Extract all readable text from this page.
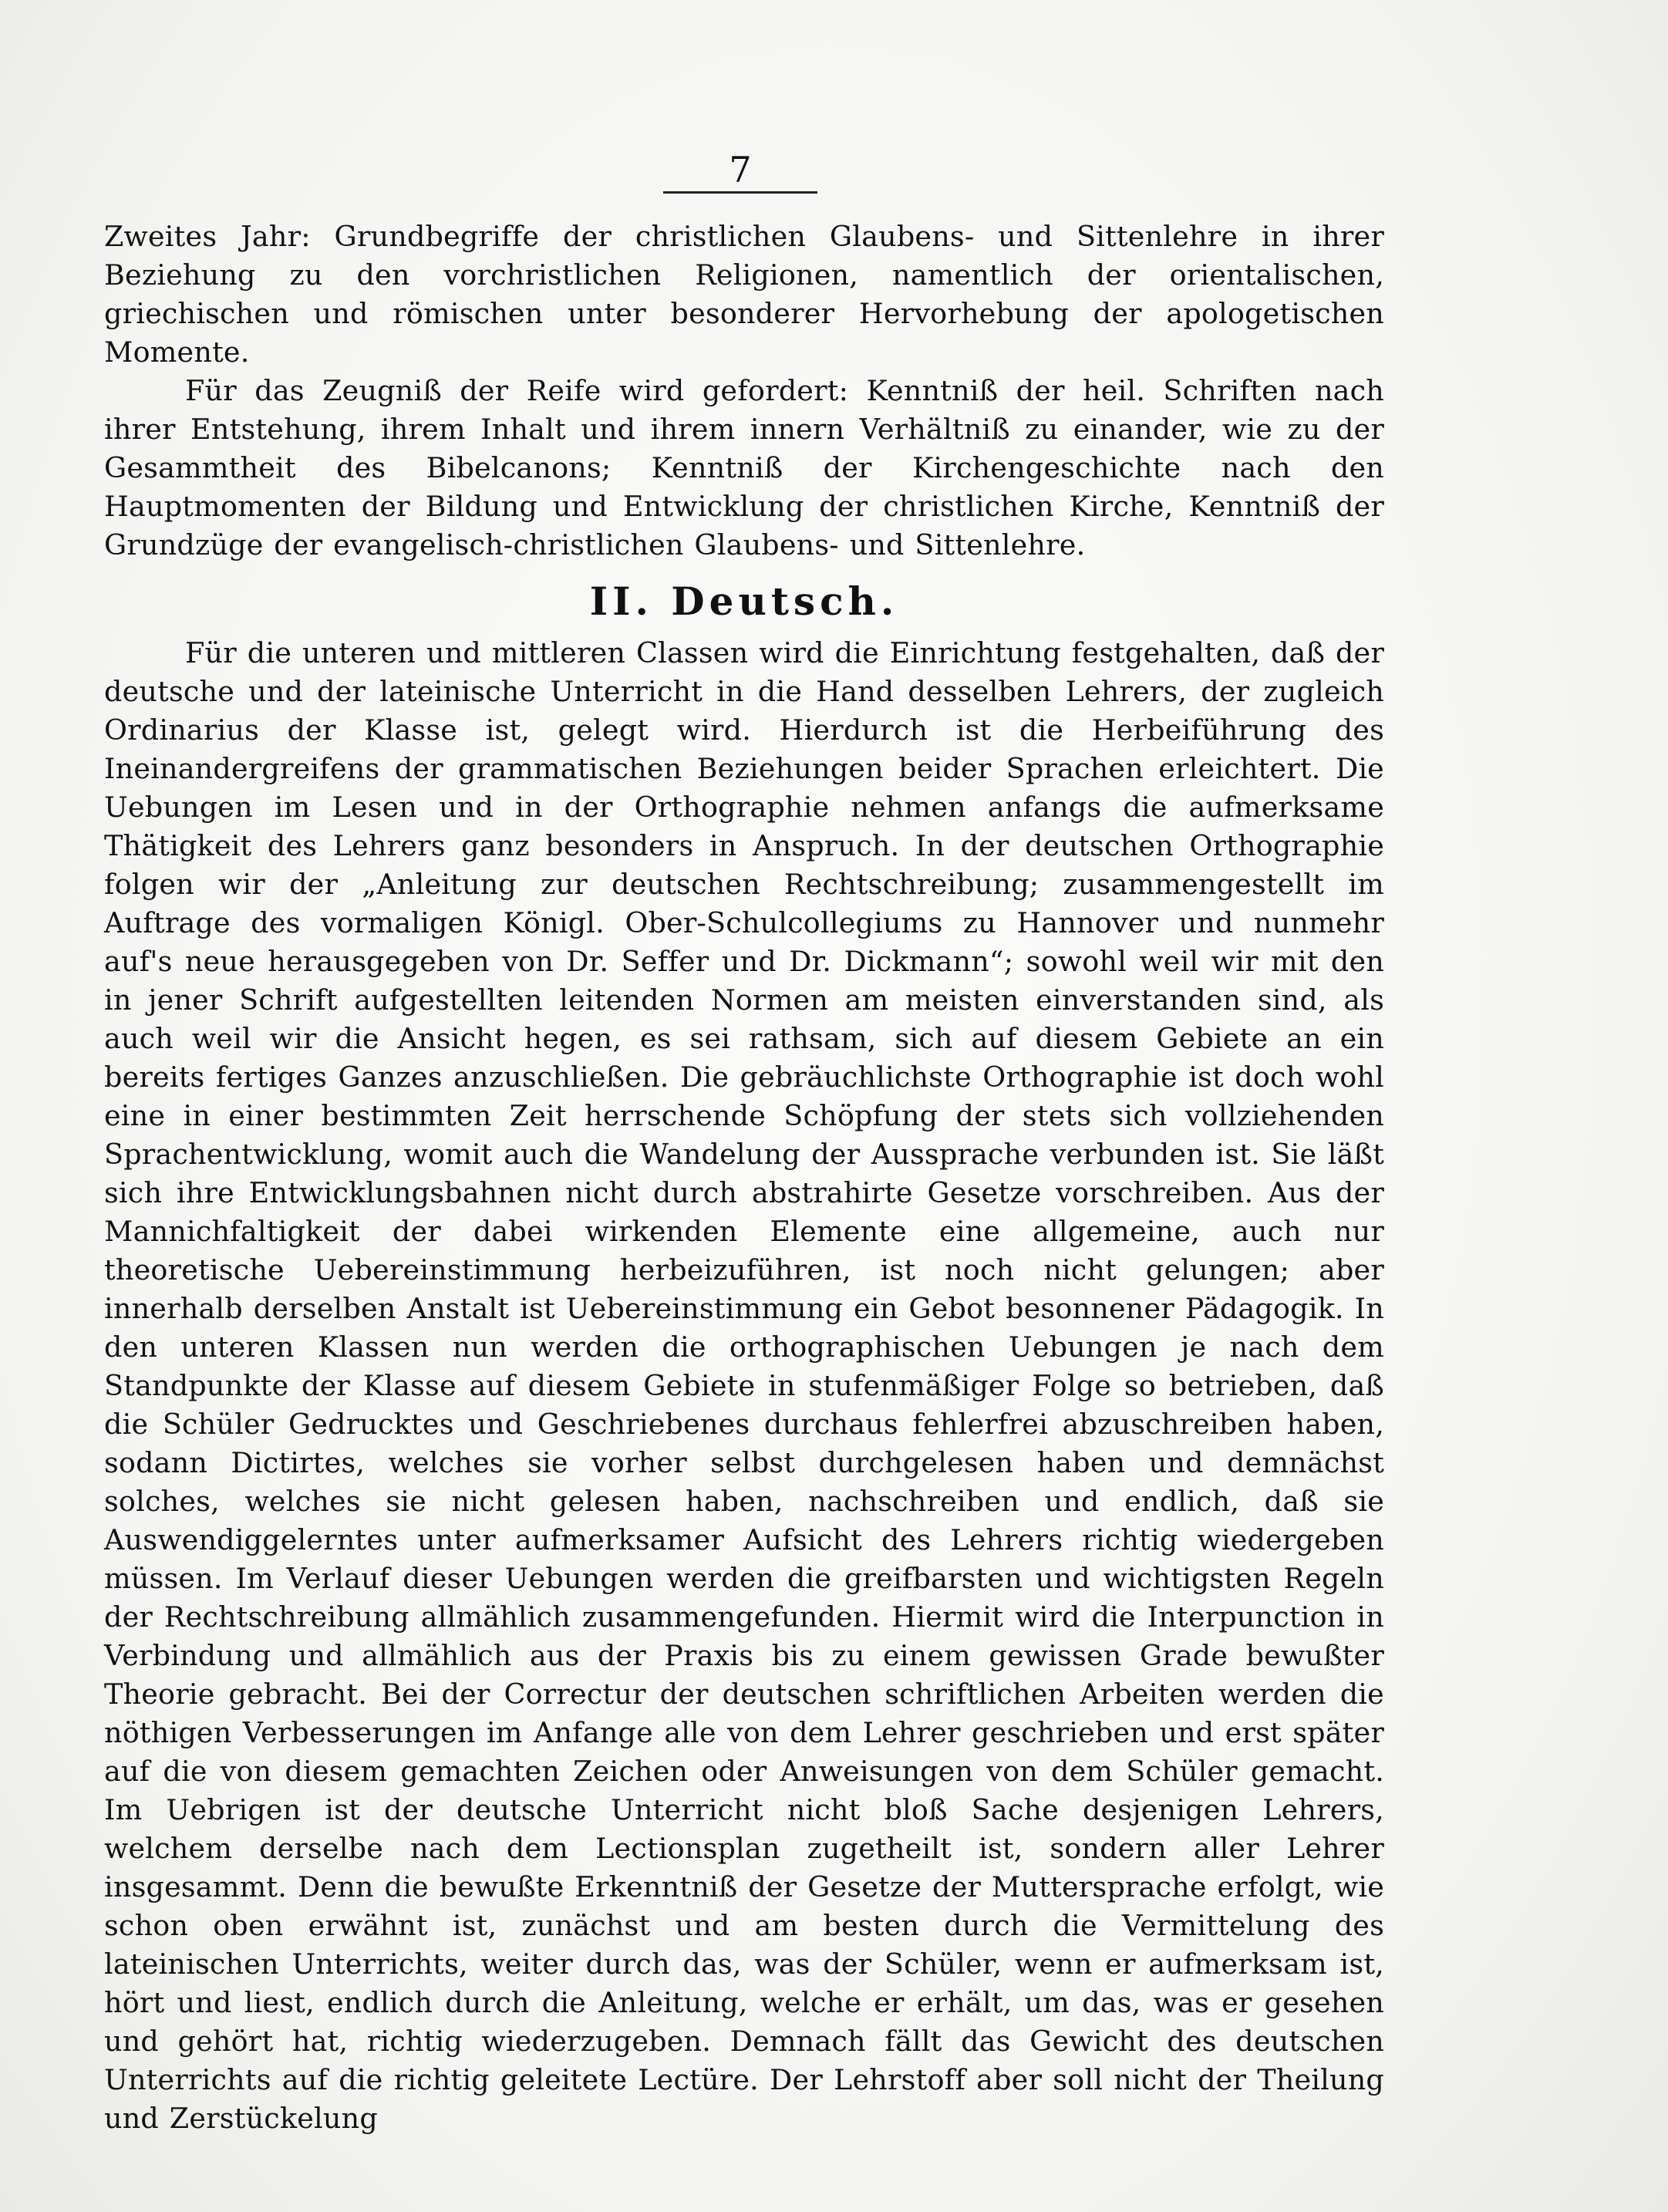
7

Zweites Jahr: Grundbegriffe der christlichen Glaubens- und Sittenlehre in ihrer Beziehung zu den vorchristlichen Religionen, namentlich der orientalischen, griechischen und römischen unter besonderer Hervorhebung der apologetischen Momente.

Für das Zeugniß der Reife wird gefordert: Kenntniß der heil. Schriften nach ihrer Entstehung, ihrem Inhalt und ihrem innern Verhältniß zu einander, wie zu der Gesammtheit des Bibelcanons; Kenntniß der Kirchengeschichte nach den Hauptmomenten der Bildung und Entwicklung der christlichen Kirche, Kenntniß der Grundzüge der evangelisch-christlichen Glaubens- und Sittenlehre.

II. Deutsch.

Für die unteren und mittleren Classen wird die Einrichtung festgehalten, daß der deutsche und der lateinische Unterricht in die Hand desselben Lehrers, der zugleich Ordinarius der Klasse ist, gelegt wird. Hierdurch ist die Herbeiführung des Ineinandergreifens der grammatischen Beziehungen beider Sprachen erleichtert. Die Uebungen im Lesen und in der Orthographie nehmen anfangs die aufmerksame Thätigkeit des Lehrers ganz besonders in Anspruch. In der deutschen Orthographie folgen wir der „Anleitung zur deutschen Rechtschreibung; zusammengestellt im Auftrage des vormaligen Königl. Ober-Schulcollegiums zu Hannover und nunmehr auf's neue herausgegeben von Dr. Seffer und Dr. Dickmann“; sowohl weil wir mit den in jener Schrift aufgestellten leitenden Normen am meisten einverstanden sind, als auch weil wir die Ansicht hegen, es sei rathsam, sich auf diesem Gebiete an ein bereits fertiges Ganzes anzuschließen. Die gebräuchlichste Orthographie ist doch wohl eine in einer bestimmten Zeit herrschende Schöpfung der stets sich vollziehenden Sprachentwicklung, womit auch die Wandelung der Aussprache verbunden ist. Sie läßt sich ihre Entwicklungsbahnen nicht durch abstrahirte Gesetze vorschreiben. Aus der Mannichfaltigkeit der dabei wirkenden Elemente eine allgemeine, auch nur theoretische Uebereinstimmung herbeizuführen, ist noch nicht gelungen; aber innerhalb derselben Anstalt ist Uebereinstimmung ein Gebot besonnener Pädagogik. In den unteren Klassen nun werden die orthographischen Uebungen je nach dem Standpunkte der Klasse auf diesem Gebiete in stufenmäßiger Folge so betrieben, daß die Schüler Gedrucktes und Geschriebenes durchaus fehlerfrei abzuschreiben haben, sodann Dictirtes, welches sie vorher selbst durchgelesen haben und demnächst solches, welches sie nicht gelesen haben, nachschreiben und endlich, daß sie Auswendiggelerntes unter aufmerksamer Aufsicht des Lehrers richtig wiedergeben müssen. Im Verlauf dieser Uebungen werden die greifbarsten und wichtigsten Regeln der Rechtschreibung allmählich zusammengefunden. Hiermit wird die Interpunction in Verbindung und allmählich aus der Praxis bis zu einem gewissen Grade bewußter Theorie gebracht. Bei der Correctur der deutschen schriftlichen Arbeiten werden die nöthigen Verbesserungen im Anfange alle von dem Lehrer geschrieben und erst später auf die von diesem gemachten Zeichen oder Anweisungen von dem Schüler gemacht. Im Uebrigen ist der deutsche Unterricht nicht bloß Sache desjenigen Lehrers, welchem derselbe nach dem Lectionsplan zugetheilt ist, sondern aller Lehrer insgesammt. Denn die bewußte Erkenntniß der Gesetze der Muttersprache erfolgt, wie schon oben erwähnt ist, zunächst und am besten durch die Vermittelung des lateinischen Unterrichts, weiter durch das, was der Schüler, wenn er aufmerksam ist, hört und liest, endlich durch die Anleitung, welche er erhält, um das, was er gesehen und gehört hat, richtig wiederzugeben. Demnach fällt das Gewicht des deutschen Unterrichts auf die richtig geleitete Lectüre. Der Lehrstoff aber soll nicht der Theilung und Zerstückelung
